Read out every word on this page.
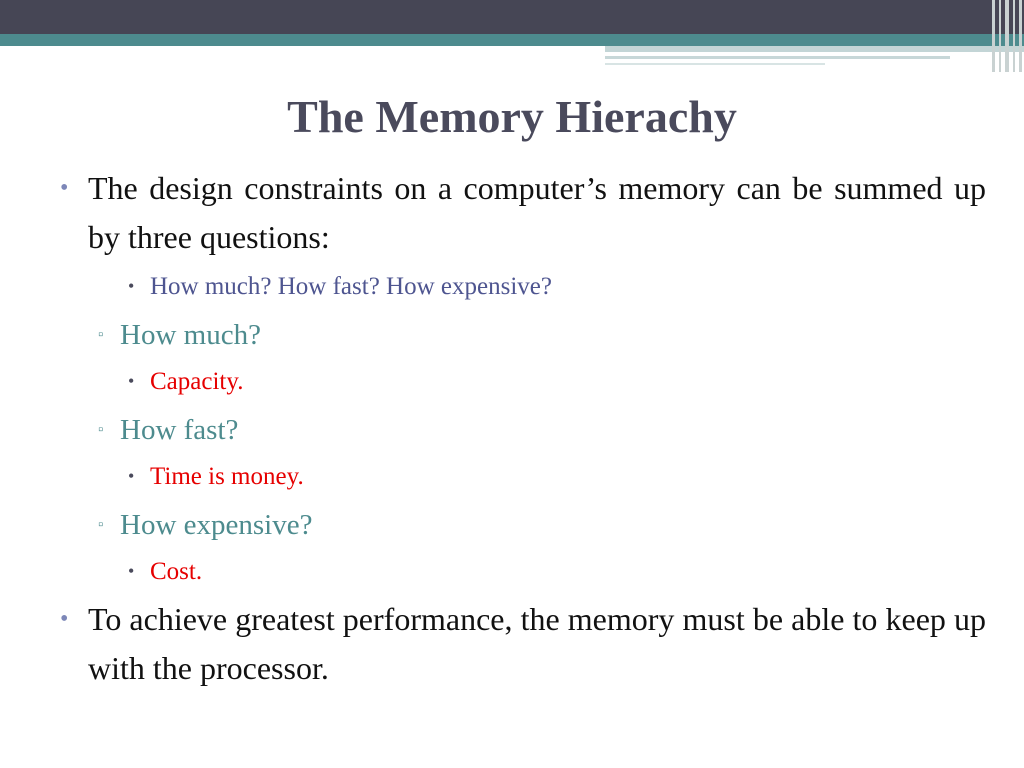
The Memory Hierachy
• The design constraints on a computer’s memory can be summed up by three questions:
• How much? How fast? How expensive?
▫ How much?
• Capacity.
▫ How fast?
• Time is money.
▫ How expensive?
• Cost.
• To achieve greatest performance, the memory must be able to keep up with the processor.
